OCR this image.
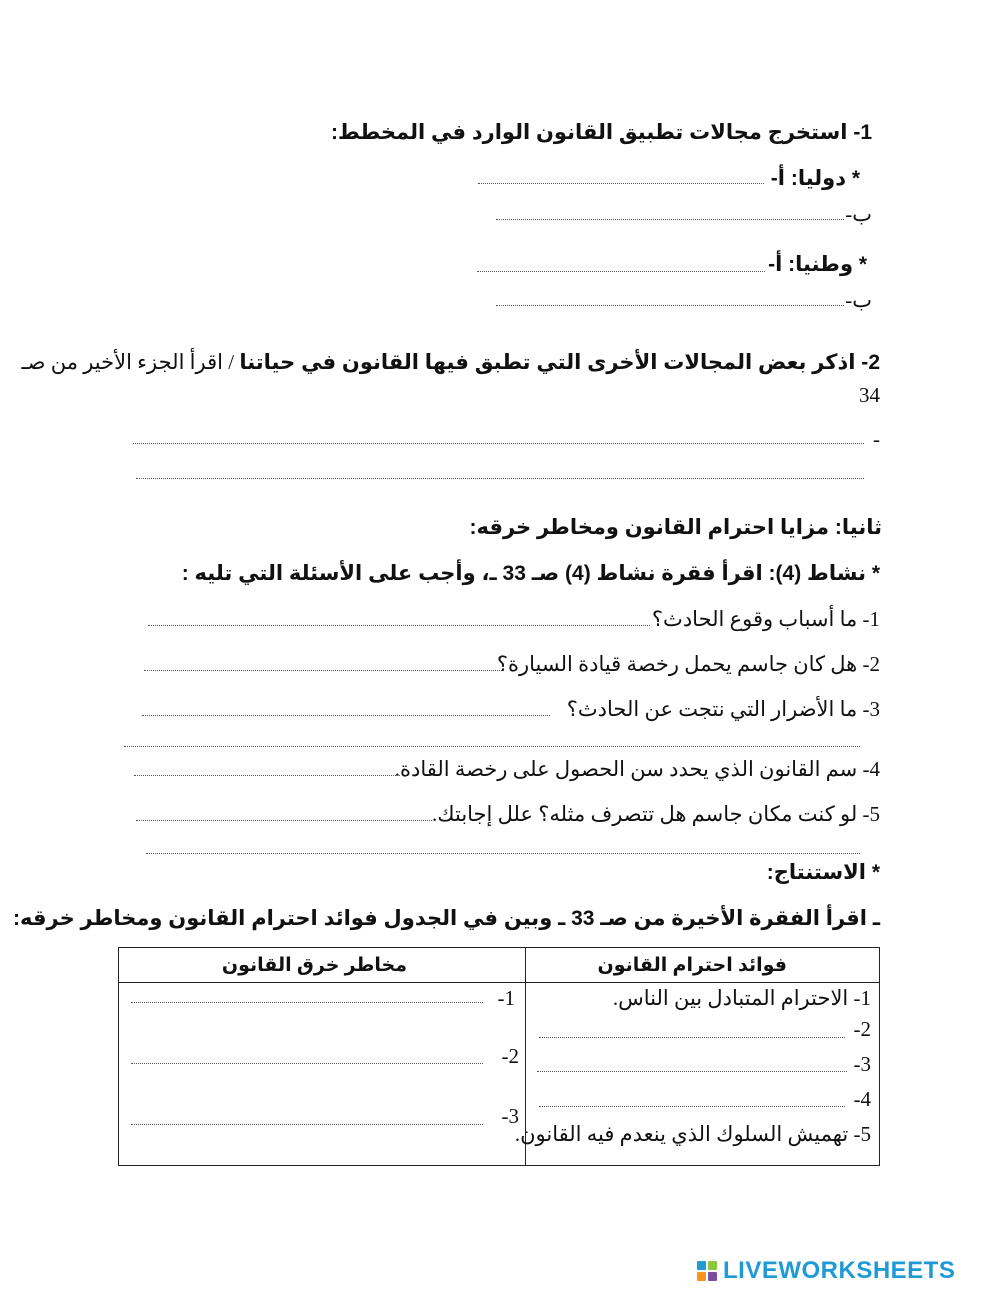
1- استخرج مجالات تطبيق القانون الوارد في المخطط:
* دوليا: أ-
ب-
* وطنيا: أ-
ب-
2- اذكر بعض المجالات الأخرى التي تطبق فيها القانون في حياتنا / اقرأ الجزء الأخير من صـ
34
-
ثانيا: مزايا احترام القانون ومخاطر خرقه:
* نشاط (4): اقرأ فقرة نشاط (4) صـ 33 ـ، وأجب على الأسئلة التي تليه :
1- ما أسباب وقوع الحادث؟
2- هل كان جاسم يحمل رخصة قيادة السيارة؟
3- ما الأضرار التي نتجت عن الحادث؟
4- سم القانون الذي يحدد سن الحصول على رخصة القادة.
5- لو كنت مكان جاسم هل تتصرف مثله؟ علل إجابتك.
* الاستنتاج:
ـ اقرأ الفقرة الأخيرة من صـ 33 ـ وبين في الجدول فوائد احترام القانون ومخاطر خرقه:
فوائد احترام القانون
مخاطر خرق القانون
1- الاحترام المتبادل بين الناس.
2-
3-
4-
5- تهميش السلوك الذي ينعدم فيه القانون.
1-
2-
3-
LIVEWORKSHEETS
